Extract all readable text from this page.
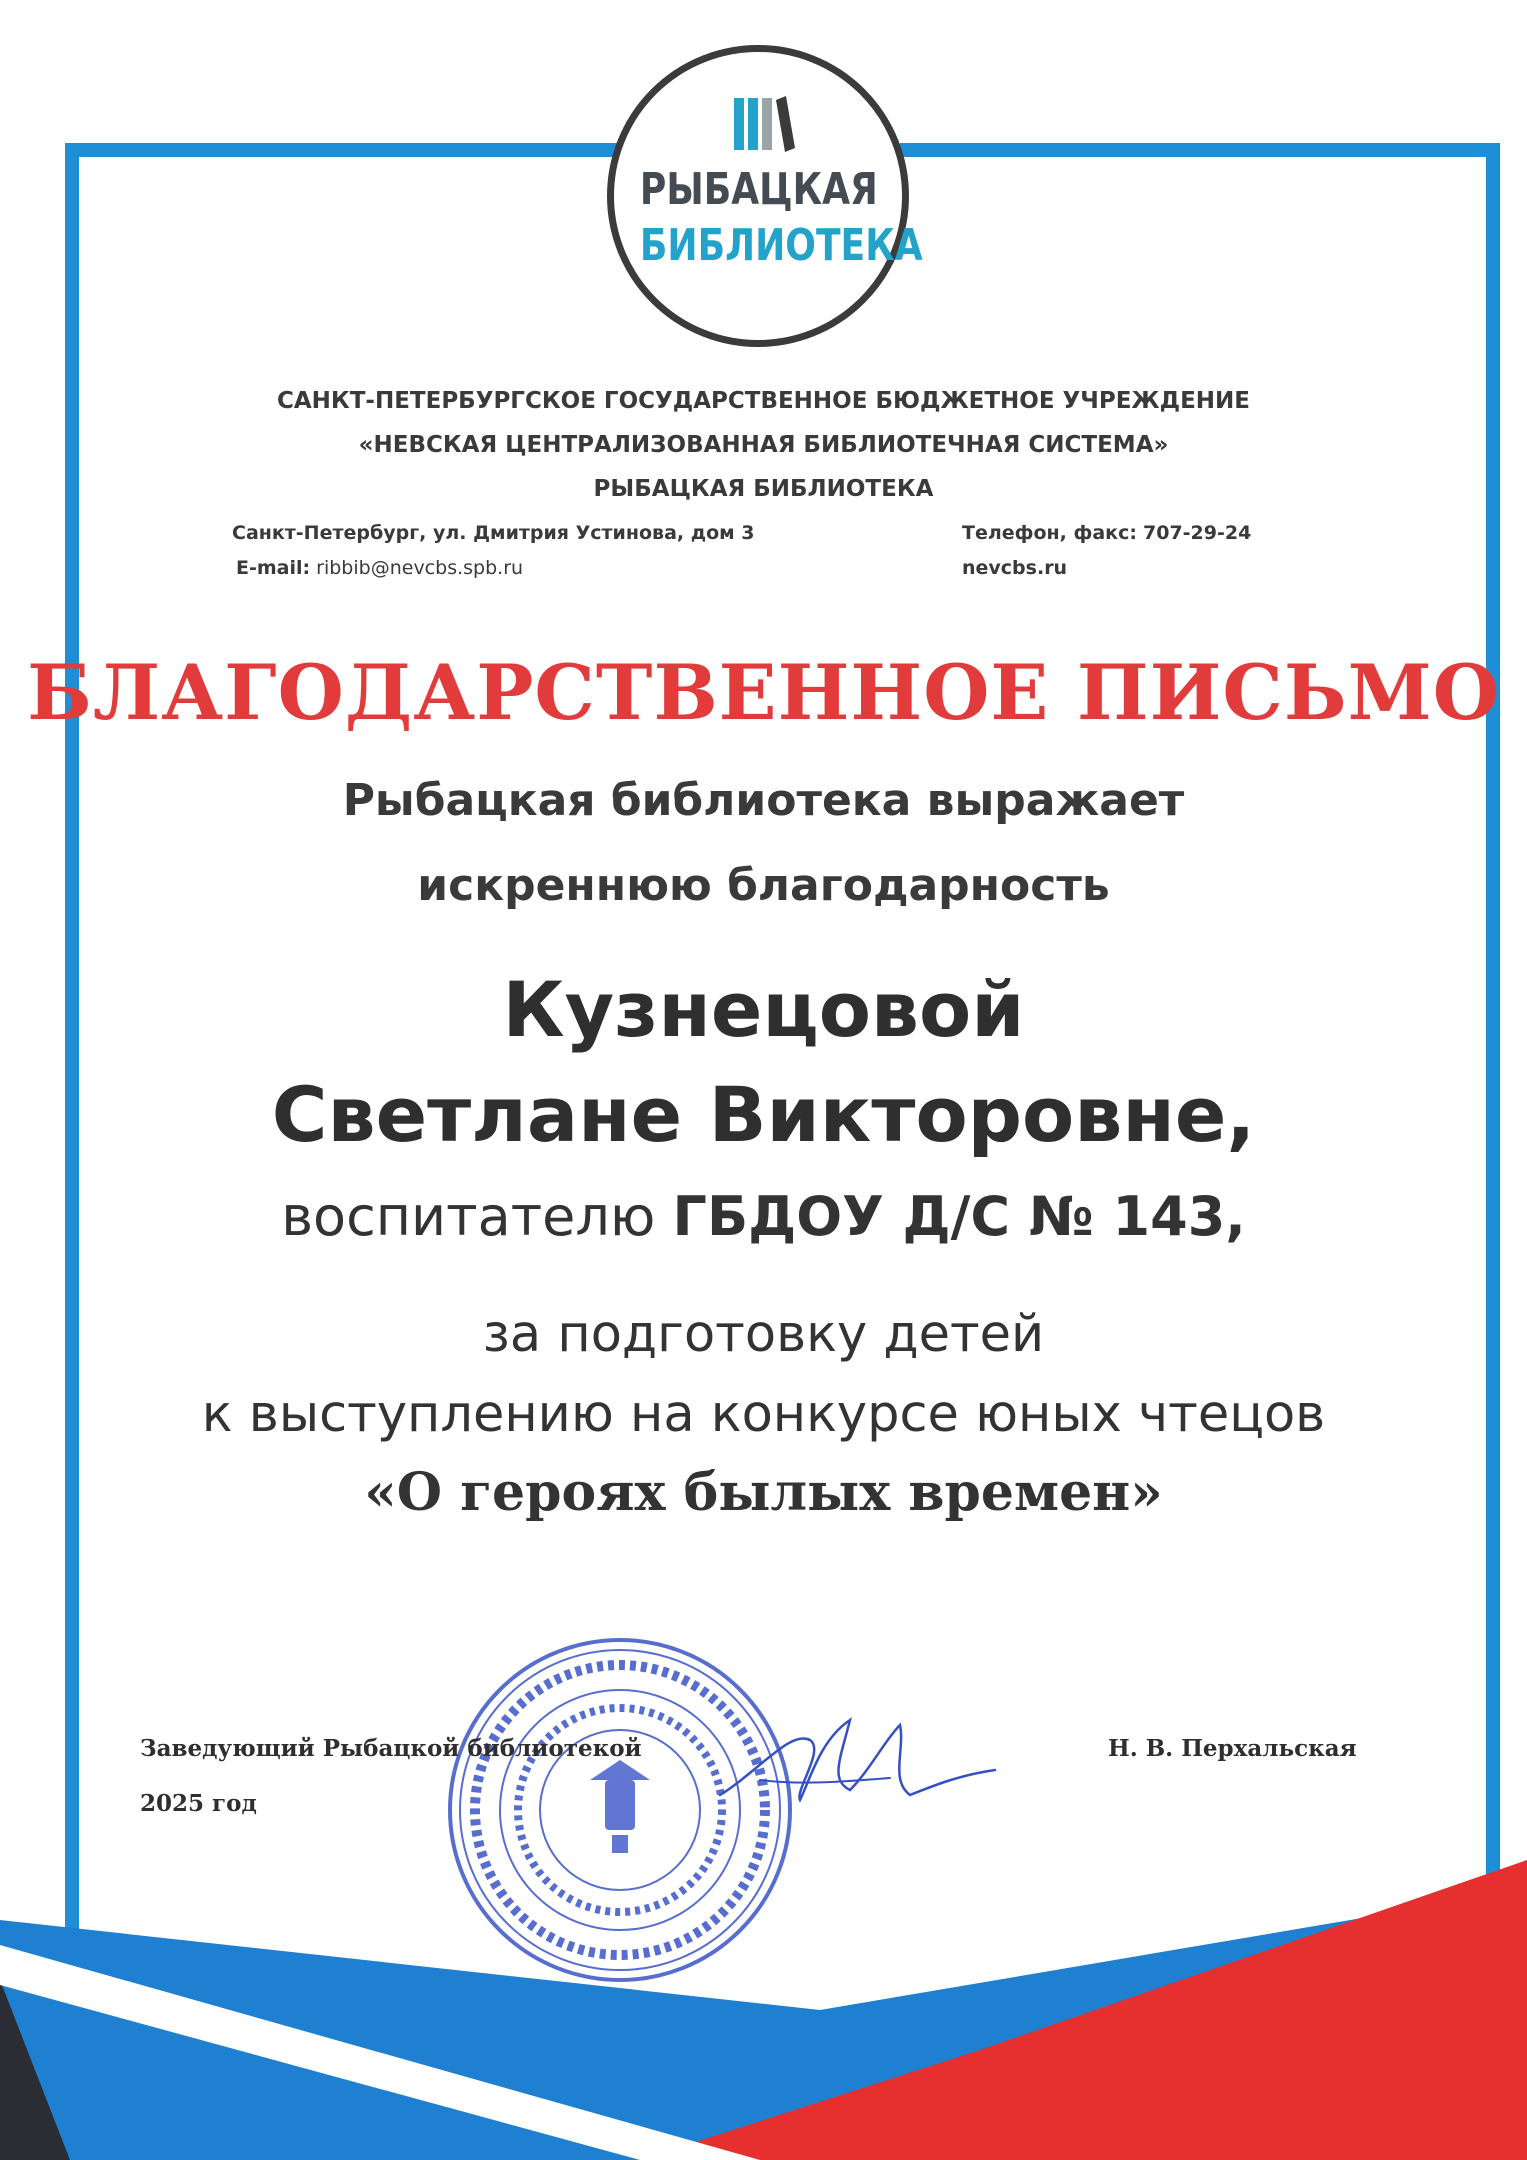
РЫБАЦКАЯ
БИБЛИОТЕКА
САНКТ-ПЕТЕРБУРГСКОЕ ГОСУДАРСТВЕННОЕ БЮДЖЕТНОЕ УЧРЕЖДЕНИЕ
«НЕВСКАЯ ЦЕНТРАЛИЗОВАННАЯ БИБЛИОТЕЧНАЯ СИСТЕМА»
РЫБАЦКАЯ БИБЛИОТЕКА
Санкт-Петербург, ул. Дмитрия Устинова, дом 3	Телефон, факс: 707-29-24
E-mail: ribbib@nevcbs.spb.ru	nevcbs.ru
БЛАГОДАРСТВЕННОЕ ПИСЬМО
Рыбацкая библиотека выражает
искреннюю благодарность
Кузнецовой
Светлане Викторовне,
воспитателю ГБДОУ Д/С № 143,
за подготовку детей
к выступлению на конкурсе юных чтецов
«О героях былых времен»
Заведующий Рыбацкой библиотекой	Н. В. Перхальская
2025 год
